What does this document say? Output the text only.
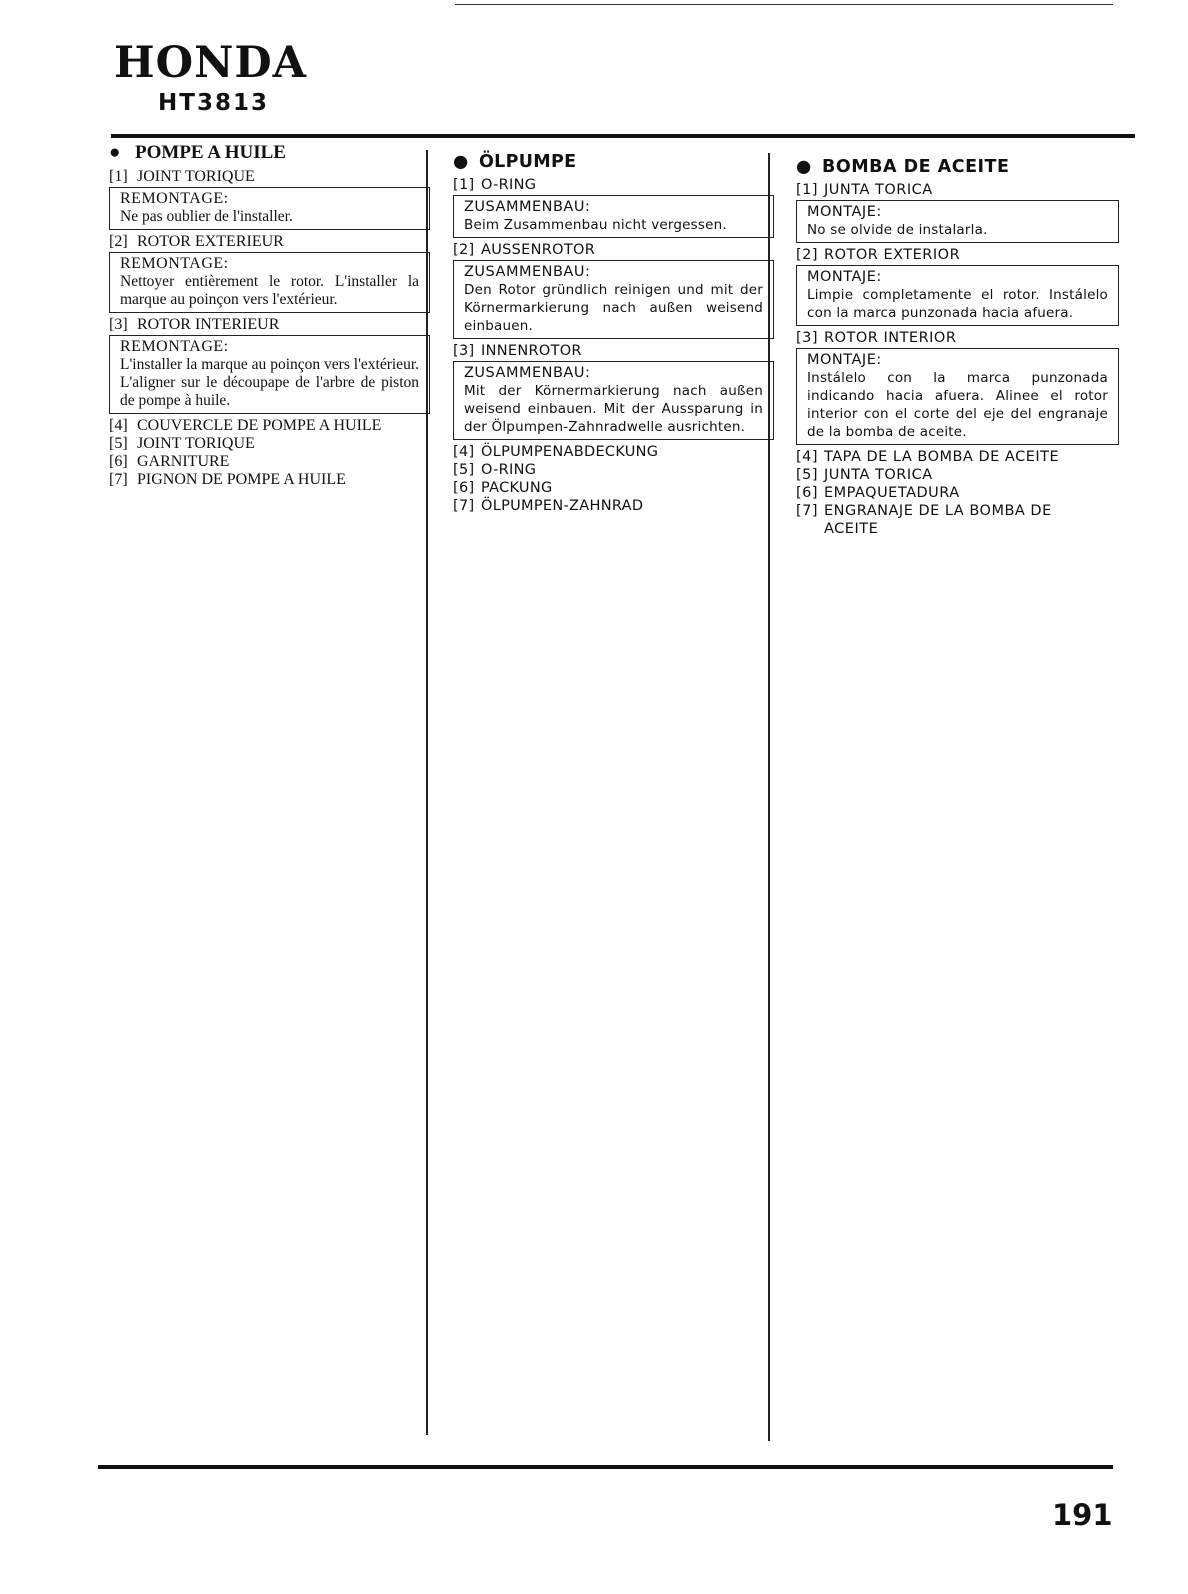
HONDA
HT3813
● POMPE A HUILE
[1] JOINT TORIQUE
REMONTAGE:
Ne pas oublier de l'installer.
[2] ROTOR EXTERIEUR
REMONTAGE:
Nettoyer entièrement le rotor. L'installer la marque au poinçon vers l'extérieur.
[3] ROTOR INTERIEUR
REMONTAGE:
L'installer la marque au poinçon vers l'extérieur. L'aligner sur le découpape de l'arbre de piston de pompe à huile.
[4] COUVERCLE DE POMPE A HUILE
[5] JOINT TORIQUE
[6] GARNITURE
[7] PIGNON DE POMPE A HUILE
● ÖLPUMPE
[1] O-RING
ZUSAMMENBAU:
Beim Zusammenbau nicht vergessen.
[2] AUSSENROTOR
ZUSAMMENBAU:
Den Rotor gründlich reinigen und mit der Körnermarkierung nach außen weisend einbauen.
[3] INNENROTOR
ZUSAMMENBAU:
Mit der Körnermarkierung nach außen weisend einbauen. Mit der Aussparung in der Ölpumpen-Zahnradwelle ausrichten.
[4] ÖLPUMPENABDECKUNG
[5] O-RING
[6] PACKUNG
[7] ÖLPUMPEN-ZAHNRAD
● BOMBA DE ACEITE
[1] JUNTA TORICA
MONTAJE:
No se olvide de instalarla.
[2] ROTOR EXTERIOR
MONTAJE:
Limpie completamente el rotor. Instálelo con la marca punzonada hacia afuera.
[3] ROTOR INTERIOR
MONTAJE:
Instálelo con la marca punzonada indicando hacia afuera. Alinee el rotor interior con el corte del eje del engranaje de la bomba de aceite.
[4] TAPA DE LA BOMBA DE ACEITE
[5] JUNTA TORICA
[6] EMPAQUETADURA
[7] ENGRANAJE DE LA BOMBA DE
ACEITE
191
